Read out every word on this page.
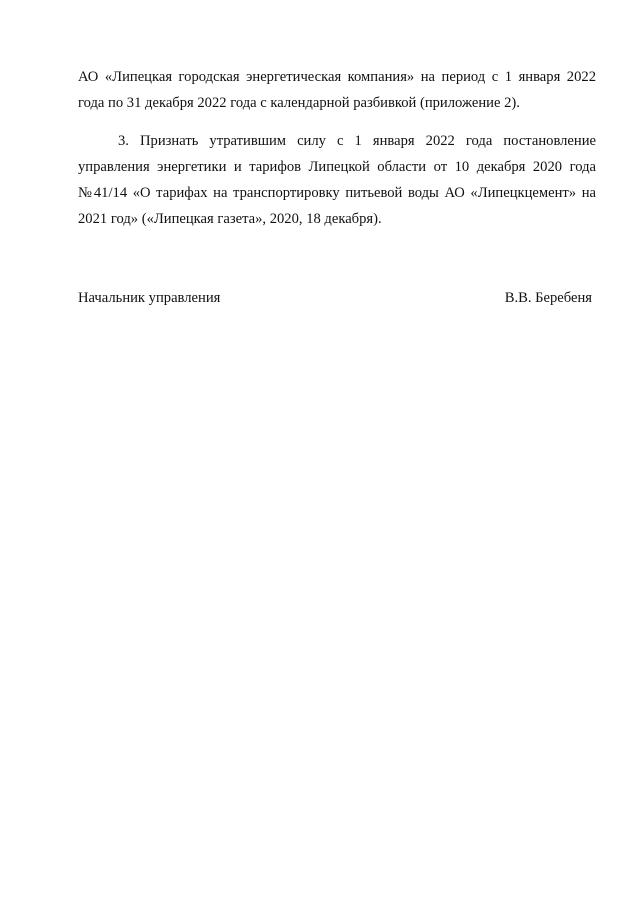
АО «Липецкая городская энергетическая компания» на период с 1 января 2022 года по 31 декабря 2022 года с календарной разбивкой (приложение 2).

3. Признать утратившим силу с 1 января 2022 года постановление управления энергетики и тарифов Липецкой области от 10 декабря 2020 года №41/14 «О тарифах на транспортировку питьевой воды АО «Липецкцемент» на 2021 год» («Липецкая газета», 2020, 18 декабря).

Начальник управления	В.В. Беребеня
